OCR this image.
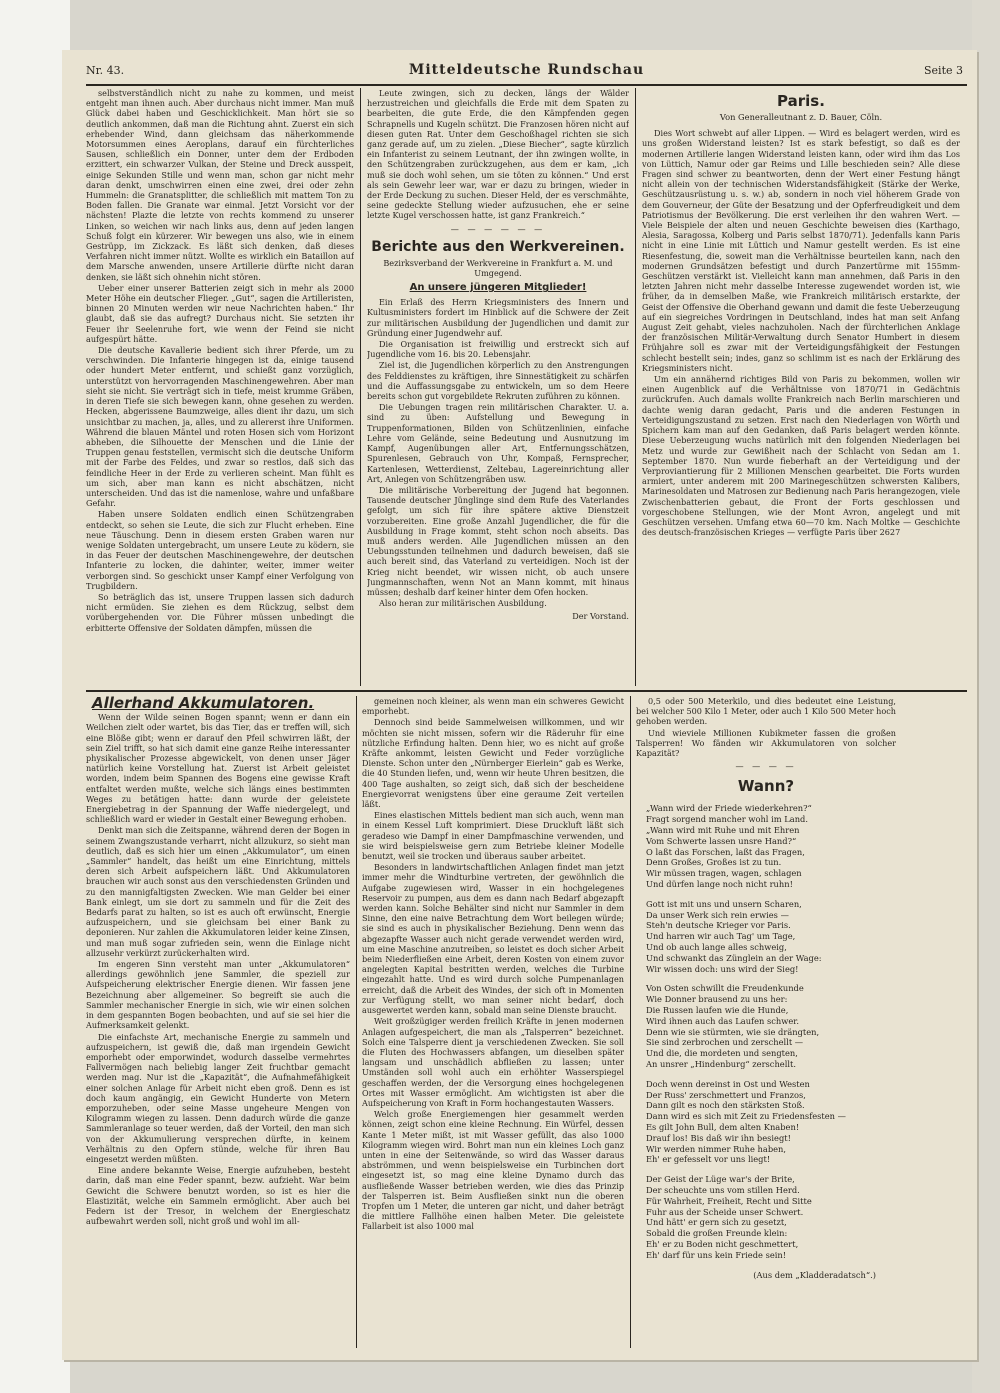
Nr. 43.	Mitteldeutsche Rundschau	Seite 3

selbstverständlich nicht zu nahe zu kommen, und meist entgeht man ihnen auch. Aber durchaus nicht immer. Man muß Glück dabei haben und Geschicklichkeit. Man hört sie so deutlich ankommen, daß man die Richtung ahnt. Zuerst ein sich erhebender Wind, dann gleichsam das näherkommende Motorsummen eines Aeroplans, darauf ein fürchterliches Sausen, schließlich ein Donner, unter dem der Erdboden erzittert, ein schwarzer Vulkan, der Steine und Dreck ausspeit, einige Sekunden Stille und wenn man, schon gar nicht mehr daran denkt, umschwirren einen eine zwei, drei oder zehn Hummeln: die Granatsplitter, die schließlich mit mattem Ton zu Boden fallen. Die Granate war einmal. Jetzt Vorsicht vor der nächsten! Plazte die letzte von rechts kommend zu unserer Linken, so weichen wir nach links aus, denn auf jeden langen Schuß folgt ein kürzerer. Wir bewegen uns also, wie in einem Gestrüpp, im Zickzack. Es läßt sich denken, daß dieses Verfahren nicht immer nützt. Wollte es wirklich ein Bataillon auf dem Marsche anwenden, unsere Artillerie dürfte nicht daran denken, sie läßt sich ohnehin nicht stören.

Ueber einer unserer Batterien zeigt sich in mehr als 2000 Meter Höhe ein deutscher Flieger. „Gut“, sagen die Artilleristen, binnen 20 Minuten werden wir neue Nachrichten haben.“ Ihr glaubt, daß sie das aufregt? Durchaus nicht. Sie setzten ihr Feuer ihr Seelenruhe fort, wie wenn der Feind sie nicht aufgespürt hätte.

Die deutsche Kavallerie bedient sich ihrer Pferde, um zu verschwinden. Die Infanterie hingegen ist da, einige tausend oder hundert Meter entfernt, und schießt ganz vorzüglich, unterstützt von hervorragenden Maschinengewehren. Aber man sieht sie nicht. Sie verträgt sich in tiefe, meist krumme Gräben, in deren Tiefe sie sich bewegen kann, ohne gesehen zu werden. Hecken, abgerissene Baumzweige, alles dient ihr dazu, um sich unsichtbar zu machen, ja, alles, und zu allererst ihre Uniformen. Während die blauen Mäntel und roten Hosen sich vom Horizont abheben, die Silhouette der Menschen und die Linie der Truppen genau feststellen, vermischt sich die deutsche Uniform mit der Farbe des Feldes, und zwar so restlos, daß sich das feindliche Heer in der Erde zu verlieren scheint. Man fühlt es um sich, aber man kann es nicht abschätzen, nicht unterscheiden. Und das ist die namenlose, wahre und unfaßbare Gefahr.

Haben unsere Soldaten endlich einen Schützengraben entdeckt, so sehen sie Leute, die sich zur Flucht erheben. Eine neue Täuschung. Denn in diesem ersten Graben waren nur wenige Soldaten untergebracht, um unsere Leute zu ködern, sie in das Feuer der deutschen Maschinengewehre, der deutschen Infanterie zu locken, die dahinter, weiter, immer weiter verborgen sind. So geschickt unser Kampf einer Verfolgung von Trugbildern.

So beträglich das ist, unsere Truppen lassen sich dadurch nicht ermüden. Sie ziehen es dem Rückzug, selbst dem vorübergehenden vor. Die Führer müssen unbedingt die erbitterte Offensive der Soldaten dämpfen, müssen die

Leute zwingen, sich zu decken, längs der Wälder herzustreichen und gleichfalls die Erde mit dem Spaten zu bearbeiten, die gute Erde, die den Kämpfenden gegen Schrapnells und Kugeln schützt. Die Franzosen hören nicht auf diesen guten Rat. Unter dem Geschoßhagel richten sie sich ganz gerade auf, um zu zielen. „Diese Biecher“, sagte kürzlich ein Infanterist zu seinem Leutnant, der ihn zwingen wollte, in den Schützengraben zurückzugehen, aus dem er kam, „ich muß sie doch wohl sehen, um sie töten zu können.“ Und erst als sein Gewehr leer war, war er dazu zu bringen, wieder in der Erde Deckung zu suchen. Dieser Held, der es verschmähte, seine gedeckte Stellung wieder aufzusuchen, ehe er seine letzte Kugel verschossen hatte, ist ganz Frankreich.“

— — — — — —
Berichte aus den Werkvereinen.

Bezirksverband der Werkvereine in Frankfurt a. M. und Umgegend.

An unsere jüngeren Mitglieder!

Ein Erlaß des Herrn Kriegsministers des Innern und Kultusministers fordert im Hinblick auf die Schwere der Zeit zur militärischen Ausbildung der Jugendlichen und damit zur Gründung einer Jugendwehr auf.

Die Organisation ist freiwillig und erstreckt sich auf Jugendliche vom 16. bis 20. Lebensjahr.

Ziel ist, die Jugendlichen körperlich zu den Anstrengungen des Felddienstes zu kräftigen, ihre Sinnestätigkeit zu schärfen und die Auffassungsgabe zu entwickeln, um so dem Heere bereits schon gut vorgebildete Rekruten zuführen zu können.

Die Uebungen tragen rein militärischen Charakter. U. a. sind zu üben: Aufstellung und Bewegung in Truppenformationen, Bilden von Schützenlinien, einfache Lehre vom Gelände, seine Bedeutung und Ausnutzung im Kampf, Augenübungen aller Art, Entfernungsschätzen, Spurenlesen, Gebrauch von Uhr, Kompaß, Fernsprecher, Kartenlesen, Wetterdienst, Zeltebau, Lagereinrichtung aller Art, Anlegen von Schützengräben usw.

Die militärische Vorbereitung der Jugend hat begonnen. Tausende deutscher Jünglinge sind dem Rufe des Vaterlandes gefolgt, um sich für ihre spätere aktive Dienstzeit vorzubereiten. Eine große Anzahl Jugendlicher, die für die Ausbildung in Frage kommt, steht schon noch abseits. Das muß anders werden. Alle Jugendlichen müssen an den Uebungsstunden teilnehmen und dadurch beweisen, daß sie auch bereit sind, das Vaterland zu verteidigen. Noch ist der Krieg nicht beendet, wir wissen nicht, ob auch unsere Jungmannschaften, wenn Not an Mann kommt, mit hinaus müssen; deshalb darf keiner hinter dem Ofen hocken.

Also heran zur militärischen Ausbildung.

Der Vorstand.
Paris.
Von Generalleutnant z. D. Bauer, Cöln.

Dies Wort schwebt auf aller Lippen. — Wird es belagert werden, wird es uns großen Widerstand leisten? Ist es stark befestigt, so daß es der modernen Artillerie langen Widerstand leisten kann, oder wird ihm das Los von Lüttich, Namur oder gar Reims und Lille beschieden sein? Alle diese Fragen sind schwer zu beantworten, denn der Wert einer Festung hängt nicht allein von der technischen Widerstandsfähigkeit (Stärke der Werke, Geschützausrüstung u. s. w.) ab, sondern in noch viel höherem Grade von dem Gouverneur, der Güte der Besatzung und der Opferfreudigkeit und dem Patriotismus der Bevölkerung. Die erst verleihen ihr den wahren Wert. — Viele Beispiele der alten und neuen Geschichte beweisen dies (Karthago, Alesia, Saragossa, Kolberg und Paris selbst 1870/71). Jedenfalls kann Paris nicht in eine Linie mit Lüttich und Namur gestellt werden. Es ist eine Riesenfestung, die, soweit man die Verhältnisse beurteilen kann, nach den modernen Grundsätzen befestigt und durch Panzertürme mit 155mm-Geschützen verstärkt ist. Vielleicht kann man annehmen, daß Paris in den letzten Jahren nicht mehr dasselbe Interesse zugewendet worden ist, wie früher, da in demselben Maße, wie Frankreich militärisch erstarkte, der Geist der Offensive die Oberhand gewann und damit die feste Ueberzeugung auf ein siegreiches Vordringen in Deutschland, indes hat man seit Anfang August Zeit gehabt, vieles nachzuholen. Nach der fürchterlichen Anklage der französischen Militär-Verwaltung durch Senator Humbert in diesem Frühjahre soll es zwar mit der Verteidigungsfähigkeit der Festungen schlecht bestellt sein; indes, ganz so schlimm ist es nach der Erklärung des Kriegsministers nicht.

Um ein annähernd richtiges Bild von Paris zu bekommen, wollen wir einen Augenblick auf die Verhältnisse von 1870/71 in Gedächtnis zurückrufen. Auch damals wollte Frankreich nach Berlin marschieren und dachte wenig daran gedacht, Paris und die anderen Festungen in Verteidigungszustand zu setzen. Erst nach den Niederlagen von Wörth und Spichern kam man auf den Gedanken, daß Paris belagert werden könnte. Diese Ueberzeugung wuchs natürlich mit den folgenden Niederlagen bei Metz und wurde zur Gewißheit nach der Schlacht von Sedan am 1. September 1870. Nun wurde fieberhaft an der Verteidigung und der Verproviantierung für 2 Millionen Menschen gearbeitet. Die Forts wurden armiert, unter anderem mit 200 Marinegeschützen schwersten Kalibers, Marinesoldaten und Matrosen zur Bedienung nach Paris herangezogen, viele Zwischenbatterien gebaut, die Front der Forts geschlossen und vorgeschobene Stellungen, wie der Mont Avron, angelegt und mit Geschützen versehen. Umfang etwa 60—70 km. Nach Moltke — Geschichte des deutsch-französischen Krieges — verfügte Paris über 2627

Allerhand Akkumulatoren.

Wenn der Wilde seinen Bogen spannt; wenn er dann ein Weilchen zielt oder wartet, bis das Tier, das er treffen will, sich eine Blöße gibt; wenn er darauf den Pfeil schwirren läßt, der sein Ziel trifft, so hat sich damit eine ganze Reihe interessanter physikalischer Prozesse abgewickelt, von denen unser Jäger natürlich keine Vorstellung hat. Zuerst ist Arbeit geleistet worden, indem beim Spannen des Bogens eine gewisse Kraft entfaltet werden mußte, welche sich längs eines bestimmten Weges zu betätigen hatte: dann wurde der geleistete Energiebetrag in der Spannung der Waffe niedergelegt, und schließlich ward er wieder in Gestalt einer Bewegung erhoben.

Denkt man sich die Zeitspanne, während deren der Bogen in seinem Zwangszustande verharrt, nicht allzukurz, so sieht man deutlich, daß es sich hier um einen „Akkumulator“, um einen „Sammler“ handelt, das heißt um eine Einrichtung, mittels deren sich Arbeit aufspeichern läßt. Und Akkumulatoren brauchen wir auch sonst aus den verschiedensten Gründen und zu den mannigfaltigsten Zwecken. Wie man Gelder bei einer Bank einlegt, um sie dort zu sammeln und für die Zeit des Bedarfs parat zu halten, so ist es auch oft erwünscht, Energie aufzuspeichern, und sie gleichsam bei einer Bank zu deponieren. Nur zahlen die Akkumulatoren leider keine Zinsen, und man muß sogar zufrieden sein, wenn die Einlage nicht allzusehr verkürzt zurückerhalten wird.

Im engeren Sinn versteht man unter „Akkumulatoren“ allerdings gewöhnlich jene Sammler, die speziell zur Aufspeicherung elektrischer Energie dienen. Wir fassen jene Bezeichnung aber allgemeiner. So begreift sie auch die Sammler mechanischer Energie in sich, wie wir einen solchen in dem gespannten Bogen beobachten, und auf sie sei hier die Aufmerksamkeit gelenkt.

Die einfachste Art, mechanische Energie zu sammeln und aufzuspeichern, ist gewiß die, daß man irgendein Gewicht emporhebt oder emporwindet, wodurch dasselbe vermehrtes Fallvermögen nach beliebig langer Zeit fruchtbar gemacht werden mag. Nur ist die „Kapazität“, die Aufnahmefähigkeit einer solchen Anlage für Arbeit nicht eben groß. Denn es ist doch kaum angängig, ein Gewicht Hunderte von Metern emporzuheben, oder seine Masse ungeheure Mengen von Kilogramm wiegen zu lassen. Denn dadurch würde die ganze Sammleranlage so teuer werden, daß der Vorteil, den man sich von der Akkumulierung versprechen dürfte, in keinem Verhältnis zu den Opfern stünde, welche für ihren Bau eingesetzt werden müßten.

Eine andere bekannte Weise, Energie aufzuheben, besteht darin, daß man eine Feder spannt, bezw. aufzieht. War beim Gewicht die Schwere benutzt worden, so ist es hier die Elastizität, welche ein Sammeln ermöglicht. Aber auch bei Federn ist der Tresor, in welchem der Energieschatz aufbewahrt werden soll, nicht groß und wohl im all-

gemeinen noch kleiner, als wenn man ein schweres Gewicht emporhebt.

Dennoch sind beide Sammelweisen willkommen, und wir möchten sie nicht missen, sofern wir die Räderuhr für eine nützliche Erfindung halten. Denn hier, wo es nicht auf große Kräfte ankommt, leisten Gewicht und Feder vorzügliche Dienste. Schon unter den „Nürnberger Eierlein“ gab es Werke, die 40 Stunden liefen, und, wenn wir heute Uhren besitzen, die 400 Tage aushalten, so zeigt sich, daß sich der bescheidene Energievorrat wenigstens über eine geraume Zeit verteilen läßt.

Eines elastischen Mittels bedient man sich auch, wenn man in einem Kessel Luft komprimiert. Diese Druckluft läßt sich geradeso wie Dampf in einer Dampfmaschine verwenden, und sie wird beispielsweise gern zum Betriebe kleiner Modelle benutzt, weil sie trocken und überaus sauber arbeitet.

Besonders in landwirtschaftlichen Anlagen findet man jetzt immer mehr die Windturbine vertreten, der gewöhnlich die Aufgabe zugewiesen wird, Wasser in ein hochgelegenes Reservoir zu pumpen, aus dem es dann nach Bedarf abgezapft werden kann. Solche Behälter sind nicht nur Sammler in dem Sinne, den eine naive Betrachtung dem Wort beilegen würde; sie sind es auch in physikalischer Beziehung. Denn wenn das abgezapfte Wasser auch nicht gerade verwendet werden wird, um eine Maschine anzutreiben, so leistet es doch sicher Arbeit beim Niederfließen eine Arbeit, deren Kosten von einem zuvor angelegten Kapital bestritten werden, welches die Turbine eingezahlt hatte. Und es wird durch solche Pumpenanlagen erreicht, daß die Arbeit des Windes, der sich oft in Momenten zur Verfügung stellt, wo man seiner nicht bedarf, doch ausgewertet werden kann, sobald man seine Dienste braucht.

Weit großzügiger werden freilich Kräfte in jenen modernen Anlagen aufgespeichert, die man als „Talsperren“ bezeichnet. Solch eine Talsperre dient ja verschiedenen Zwecken. Sie soll die Fluten des Hochwassers abfangen, um dieselben später langsam und unschädlich abfließen zu lassen; unter Umständen soll wohl auch ein erhöhter Wasserspiegel geschaffen werden, der die Versorgung eines hochgelegenen Ortes mit Wasser ermöglicht. Am wichtigsten ist aber die Aufspeicherung von Kraft in Form hochangestauten Wassers.

Welch große Energiemengen hier gesammelt werden können, zeigt schon eine kleine Rechnung. Ein Würfel, dessen Kante 1 Meter mißt, ist mit Wasser gefüllt, das also 1000 Kilogramm wiegen wird. Bohrt man nun ein kleines Loch ganz unten in eine der Seitenwände, so wird das Wasser daraus abströmmen, und wenn beispielsweise ein Turbinchen dort eingesetzt ist, so mag eine kleine Dynamo durch das ausfließende Wasser betrieben werden, wie dies das Prinzip der Talsperren ist. Beim Ausfließen sinkt nun die oberen Tropfen um 1 Meter, die unteren gar nicht, und daher beträgt die mittlere Fallhöhe einen halben Meter. Die geleistete Fallarbeit ist also 1000 mal

0,5 oder 500 Meterkilo, und dies bedeutet eine Leistung, bei welcher 500 Kilo 1 Meter, oder auch 1 Kilo 500 Meter hoch gehoben werden.

Und wieviele Millionen Kubikmeter fassen die großen Talsperren! Wo fänden wir Akkumulatoren von solcher Kapazität?

— — — —
Wann?
„Wann wird der Friede wiederkehren?“
Fragt sorgend mancher wohl im Land.
„Wann wird mit Ruhe und mit Ehren
Vom Schwerte lassen unsre Hand?“
O laßt das Forschen, laßt das Fragen,
Denn Großes, Großes ist zu tun.
Wir müssen tragen, wagen, schlagen
Und dürfen lange noch nicht ruhn!
Gott ist mit uns und unsern Scharen,
Da unser Werk sich rein erwies —
Steh'n deutsche Krieger vor Paris.
Und harren wir auch Tag' um Tage,
Und ob auch lange alles schweig,
Und schwankt das Zünglein an der Wage:
Wir wissen doch: uns wird der Sieg!
Von Osten schwillt die Freudenkunde
Wie Donner brausend zu uns her:
Die Russen laufen wie die Hunde,
Wird ihnen auch das Laufen schwer.
Denn wie sie stürmten, wie sie drängten,
Sie sind zerbrochen und zerschellt —
Und die, die mordeten und sengten,
An unsrer „Hindenburg“ zerschellt.
Doch wenn dereinst in Ost und Westen
Der Russ' zerschmettert und Franzos,
Dann gilt es noch den stärksten Stoß.
Dann wird es sich mit Zeit zu Friedensfesten —
Es gilt John Bull, dem alten Knaben!
Drauf los! Bis daß wir ihn besiegt!
Wir werden nimmer Ruhe haben,
Eh' er gefesselt vor uns liegt!
Der Geist der Lüge war's der Brite,
Der scheuchte uns vom stillen Herd.
Für Wahrheit, Freiheit, Recht und Sitte
Fuhr aus der Scheide unser Schwert.
Und hätt' er gern sich zu gesetzt,
Sobald die großen Freunde klein:
Eh' er zu Boden nicht geschmettert,
Eh' darf für uns kein Friede sein!
(Aus dem „Kladderadatsch“.)
